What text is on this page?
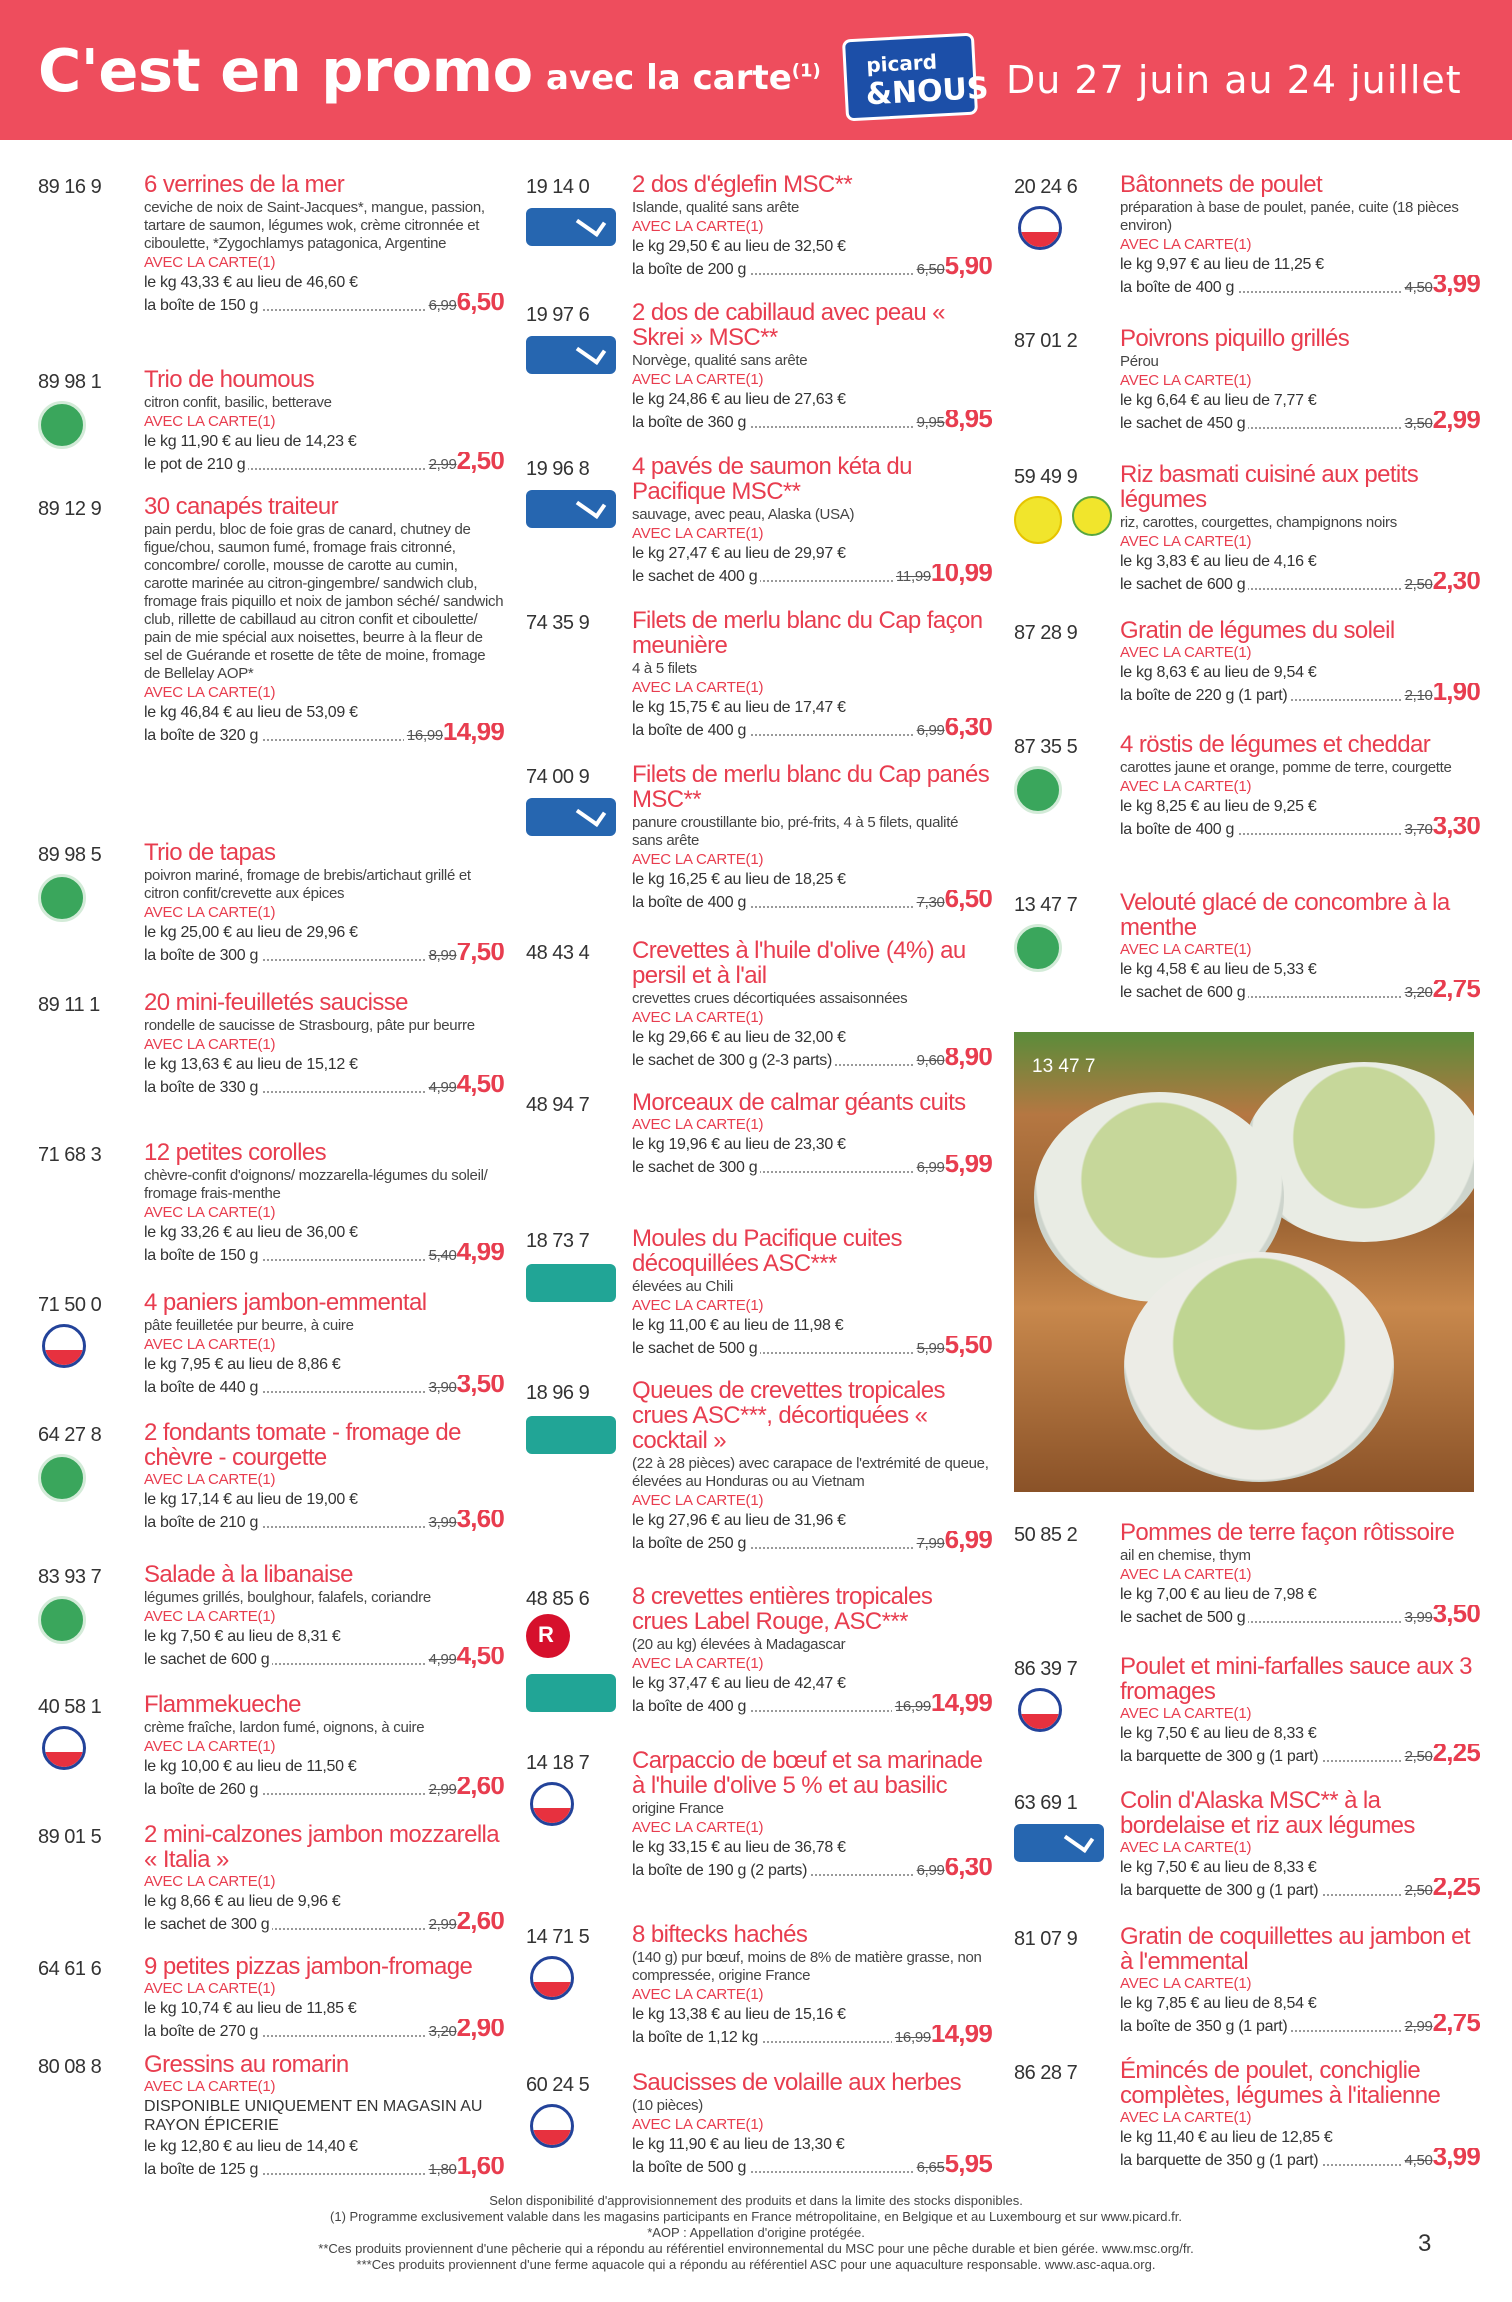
C'est en promo avec la carte$^{(1)}$ picard
&NOUS Du 27 juin au 24 juillet
89 16 9 6 verrines de la mer
ceviche de noix de Saint-Jacques*, mangue, passion, tartare de saumon, légumes wok, crème citronnée et ciboulette, *Zygochlamys patagonica, Argentine
AVEC LA CARTE(1)
le kg 43,33 € au lieu de 46,60 €
la boîte de 150 g	6,996,50
89 98 1 Trio de houmous
citron confit, basilic, betterave
AVEC LA CARTE(1)
le kg 11,90 € au lieu de 14,23 €
le pot de 210 g	2,992,50
89 12 9 30 canapés traiteur
pain perdu, bloc de foie gras de canard, chutney de figue/chou, saumon fumé, fromage frais citronné, concombre/ corolle, mousse de carotte au cumin, carotte marinée au citron-gingembre/ sandwich club, fromage frais piquillo et noix de jambon séché/ sandwich club, rillette de cabillaud au citron confit et ciboulette/ pain de mie spécial aux noisettes, beurre à la fleur de sel de Guérande et rosette de tête de moine, fromage de Bellelay AOP*
AVEC LA CARTE(1)
le kg 46,84 € au lieu de 53,09 €
la boîte de 320 g	16,9914,99
89 98 5 Trio de tapas
poivron mariné, fromage de brebis/artichaut grillé et citron confit/crevette aux épices
AVEC LA CARTE(1)
le kg 25,00 € au lieu de 29,96 €
la boîte de 300 g	8,997,50
89 11 1 20 mini-feuilletés saucisse
rondelle de saucisse de Strasbourg, pâte pur beurre
AVEC LA CARTE(1)
le kg 13,63 € au lieu de 15,12 €
la boîte de 330 g	4,994,50
71 68 3 12 petites corolles
chèvre-confit d'oignons/ mozzarella-légumes du soleil/ fromage frais-menthe
AVEC LA CARTE(1)
le kg 33,26 € au lieu de 36,00 €
la boîte de 150 g	5,404,99
71 50 0 4 paniers jambon-emmental
pâte feuilletée pur beurre, à cuire
AVEC LA CARTE(1)
le kg 7,95 € au lieu de 8,86 €
la boîte de 440 g	3,903,50
64 27 8 2 fondants tomate - fromage de chèvre - courgette
AVEC LA CARTE(1)
le kg 17,14 € au lieu de 19,00 €
la boîte de 210 g	3,993,60
83 93 7 Salade à la libanaise
légumes grillés, boulghour, falafels, coriandre
AVEC LA CARTE(1)
le kg 7,50 € au lieu de 8,31 €
le sachet de 600 g	4,994,50
40 58 1 Flammekueche
crème fraîche, lardon fumé, oignons, à cuire
AVEC LA CARTE(1)
le kg 10,00 € au lieu de 11,50 €
la boîte de 260 g	2,992,60
89 01 5 2 mini-calzones jambon mozzarella « Italia »
AVEC LA CARTE(1)
le kg 8,66 € au lieu de 9,96 €
le sachet de 300 g	2,992,60
64 61 6 9 petites pizzas jambon-fromage
AVEC LA CARTE(1)
le kg 10,74 € au lieu de 11,85 €
la boîte de 270 g	3,202,90
80 08 8 Gressins au romarin
AVEC LA CARTE(1)
DISPONIBLE UNIQUEMENT EN MAGASIN AU RAYON ÉPICERIE
le kg 12,80 € au lieu de 14,40 €
la boîte de 125 g	1,801,60
19 14 0 2 dos d'églefin MSC**
Islande, qualité sans arête
AVEC LA CARTE(1)
le kg 29,50 € au lieu de 32,50 €
la boîte de 200 g	6,505,90
19 97 6 2 dos de cabillaud avec peau « Skrei » MSC**
Norvège, qualité sans arête
AVEC LA CARTE(1)
le kg 24,86 € au lieu de 27,63 €
la boîte de 360 g	9,958,95
19 96 8 4 pavés de saumon kéta du Pacifique MSC**
sauvage, avec peau, Alaska (USA)
AVEC LA CARTE(1)
le kg 27,47 € au lieu de 29,97 €
le sachet de 400 g	11,9910,99
74 35 9 Filets de merlu blanc du Cap façon meunière
4 à 5 filets
AVEC LA CARTE(1)
le kg 15,75 € au lieu de 17,47 €
la boîte de 400 g	6,996,30
74 00 9 Filets de merlu blanc du Cap panés MSC**
panure croustillante bio, pré-frits, 4 à 5 filets, qualité sans arête
AVEC LA CARTE(1)
le kg 16,25 € au lieu de 18,25 €
la boîte de 400 g	7,306,50
48 43 4 Crevettes à l'huile d'olive (4%) au persil et à l'ail
crevettes crues décortiquées assaisonnées
AVEC LA CARTE(1)
le kg 29,66 € au lieu de 32,00 €
le sachet de 300 g (2-3 parts)	9,608,90
48 94 7 Morceaux de calmar géants cuits
AVEC LA CARTE(1)
le kg 19,96 € au lieu de 23,30 €
le sachet de 300 g	6,995,99
18 73 7 Moules du Pacifique cuites décoquillées ASC***
élevées au Chili
AVEC LA CARTE(1)
le kg 11,00 € au lieu de 11,98 €
le sachet de 500 g	5,995,50
18 96 9 Queues de crevettes tropicales crues ASC***, décortiquées « cocktail »
(22 à 28 pièces) avec carapace de l'extrémité de queue, élevées au Honduras ou au Vietnam
AVEC LA CARTE(1)
le kg 27,96 € au lieu de 31,96 €
la boîte de 250 g	7,996,99
48 85 6
R 8 crevettes entières tropicales crues Label Rouge, ASC***
(20 au kg) élevées à Madagascar
AVEC LA CARTE(1)
le kg 37,47 € au lieu de 42,47 €
la boîte de 400 g	16,9914,99
14 18 7 Carpaccio de bœuf et sa marinade à l'huile d'olive 5 % et au basilic
origine France
AVEC LA CARTE(1)
le kg 33,15 € au lieu de 36,78 €
la boîte de 190 g (2 parts)	6,996,30
14 71 5 8 biftecks hachés
(140 g) pur bœuf, moins de 8% de matière grasse, non compressée, origine France
AVEC LA CARTE(1)
le kg 13,38 € au lieu de 15,16 €
la boîte de 1,12 kg	16,9914,99
60 24 5 Saucisses de volaille aux herbes
(10 pièces)
AVEC LA CARTE(1)
le kg 11,90 € au lieu de 13,30 €
la boîte de 500 g	6,655,95
20 24 6 Bâtonnets de poulet
préparation à base de poulet, panée, cuite (18 pièces environ)
AVEC LA CARTE(1)
le kg 9,97 € au lieu de 11,25 €
la boîte de 400 g	4,503,99
87 01 2 Poivrons piquillo grillés
Pérou
AVEC LA CARTE(1)
le kg 6,64 € au lieu de 7,77 €
le sachet de 450 g	3,502,99
59 49 9 Riz basmati cuisiné aux petits légumes
riz, carottes, courgettes, champignons noirs
AVEC LA CARTE(1)
le kg 3,83 € au lieu de 4,16 €
le sachet de 600 g	2,502,30
87 28 9 Gratin de légumes du soleil
AVEC LA CARTE(1)
le kg 8,63 € au lieu de 9,54 €
la boîte de 220 g (1 part)	2,101,90
87 35 5 4 röstis de légumes et cheddar
carottes jaune et orange, pomme de terre, courgette
AVEC LA CARTE(1)
le kg 8,25 € au lieu de 9,25 €
la boîte de 400 g	3,703,30
13 47 7 Velouté glacé de concombre à la menthe
AVEC LA CARTE(1)
le kg 4,58 € au lieu de 5,33 €
le sachet de 600 g	3,202,75
50 85 2 Pommes de terre façon rôtissoire
ail en chemise, thym
AVEC LA CARTE(1)
le kg 7,00 € au lieu de 7,98 €
le sachet de 500 g	3,993,50
86 39 7 Poulet et mini-farfalles sauce aux 3 fromages
AVEC LA CARTE(1)
le kg 7,50 € au lieu de 8,33 €
la barquette de 300 g (1 part)	2,502,25
63 69 1 Colin d'Alaska MSC** à la bordelaise et riz aux légumes
AVEC LA CARTE(1)
le kg 7,50 € au lieu de 8,33 €
la barquette de 300 g (1 part)	2,502,25
81 07 9 Gratin de coquillettes au jambon et à l'emmental
AVEC LA CARTE(1)
le kg 7,85 € au lieu de 8,54 €
la boîte de 350 g (1 part)	2,992,75
86 28 7 Émincés de poulet, conchiglie complètes, légumes à l'italienne
AVEC LA CARTE(1)
le kg 11,40 € au lieu de 12,85 €
la barquette de 350 g (1 part)	4,503,99
13 47 7
Selon disponibilité d'approvisionnement des produits et dans la limite des stocks disponibles.
(1) Programme exclusivement valable dans les magasins participants en France métropolitaine, en Belgique et au Luxembourg et sur www.picard.fr.
*AOP : Appellation d'origine protégée.
**Ces produits proviennent d'une pêcherie qui a répondu au référentiel environnemental du MSC pour une pêche durable et bien gérée. www.msc.org/fr.
***Ces produits proviennent d'une ferme aquacole qui a répondu au référentiel ASC pour une aquaculture responsable. www.asc-aqua.org.
3
